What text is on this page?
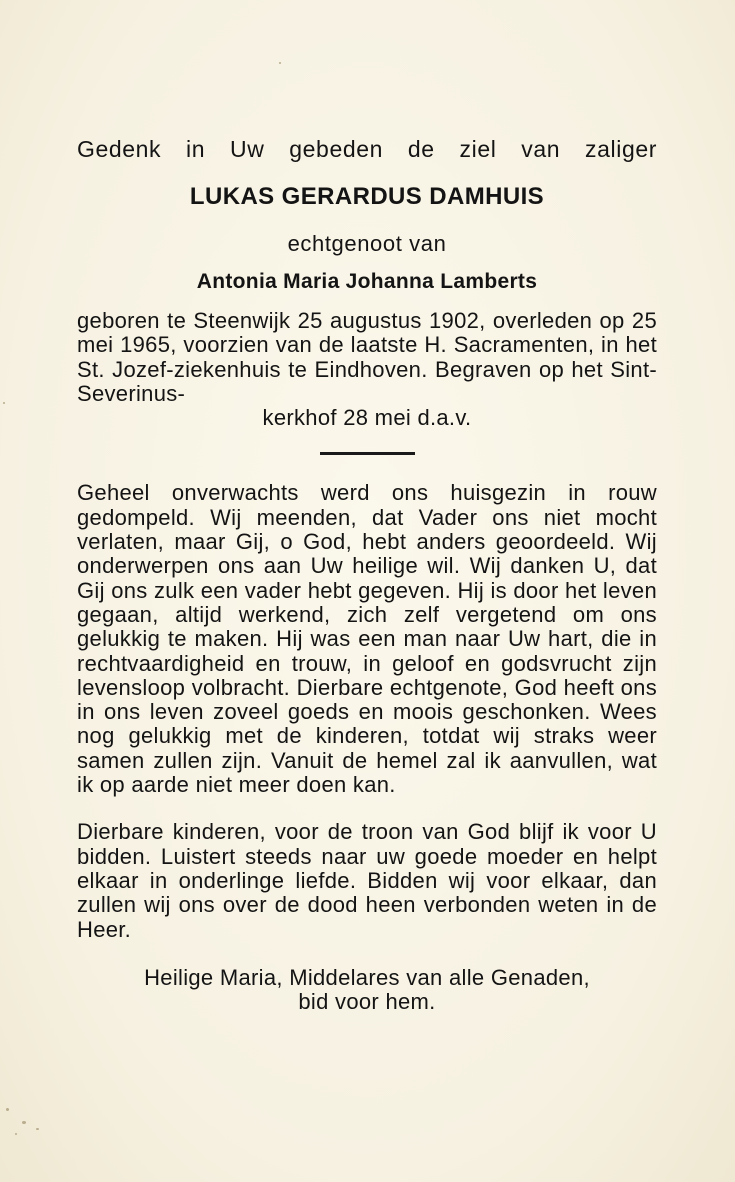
Gedenk in Uw gebeden de ziel van zaliger

LUKAS GERARDUS DAMHUIS

echtgenoot van

Antonia Maria Johanna Lamberts

geboren te Steenwijk 25 augustus 1902, overleden op 25 mei 1965, voorzien van de laatste H. Sacramenten, in het St. Jozef-ziekenhuis te Eindhoven. Begraven op het Sint-Severinus-
kerkhof 28 mei d.a.v.

Geheel onverwachts werd ons huisgezin in rouw gedompeld. Wij meenden, dat Vader ons niet mocht verlaten, maar Gij, o God, hebt anders geoordeeld. Wij onderwerpen ons aan Uw heilige wil. Wij danken U, dat Gij ons zulk een vader hebt gegeven. Hij is door het leven gegaan, altijd werkend, zich zelf vergetend om ons gelukkig te maken. Hij was een man naar Uw hart, die in rechtvaardigheid en trouw, in geloof en godsvrucht zijn levensloop volbracht. Dierbare echtgenote, God heeft ons in ons leven zoveel goeds en moois geschonken. Wees nog gelukkig met de kinderen, totdat wij straks weer samen zullen zijn. Vanuit de hemel zal ik aanvullen, wat ik op aarde niet meer doen kan.

Dierbare kinderen, voor de troon van God blijf ik voor U bidden. Luistert steeds naar uw goede moeder en helpt elkaar in onderlinge liefde. Bidden wij voor elkaar, dan zullen wij ons over de dood heen verbonden weten in de Heer.

Heilige Maria, Middelares van alle Genaden,
bid voor hem.
